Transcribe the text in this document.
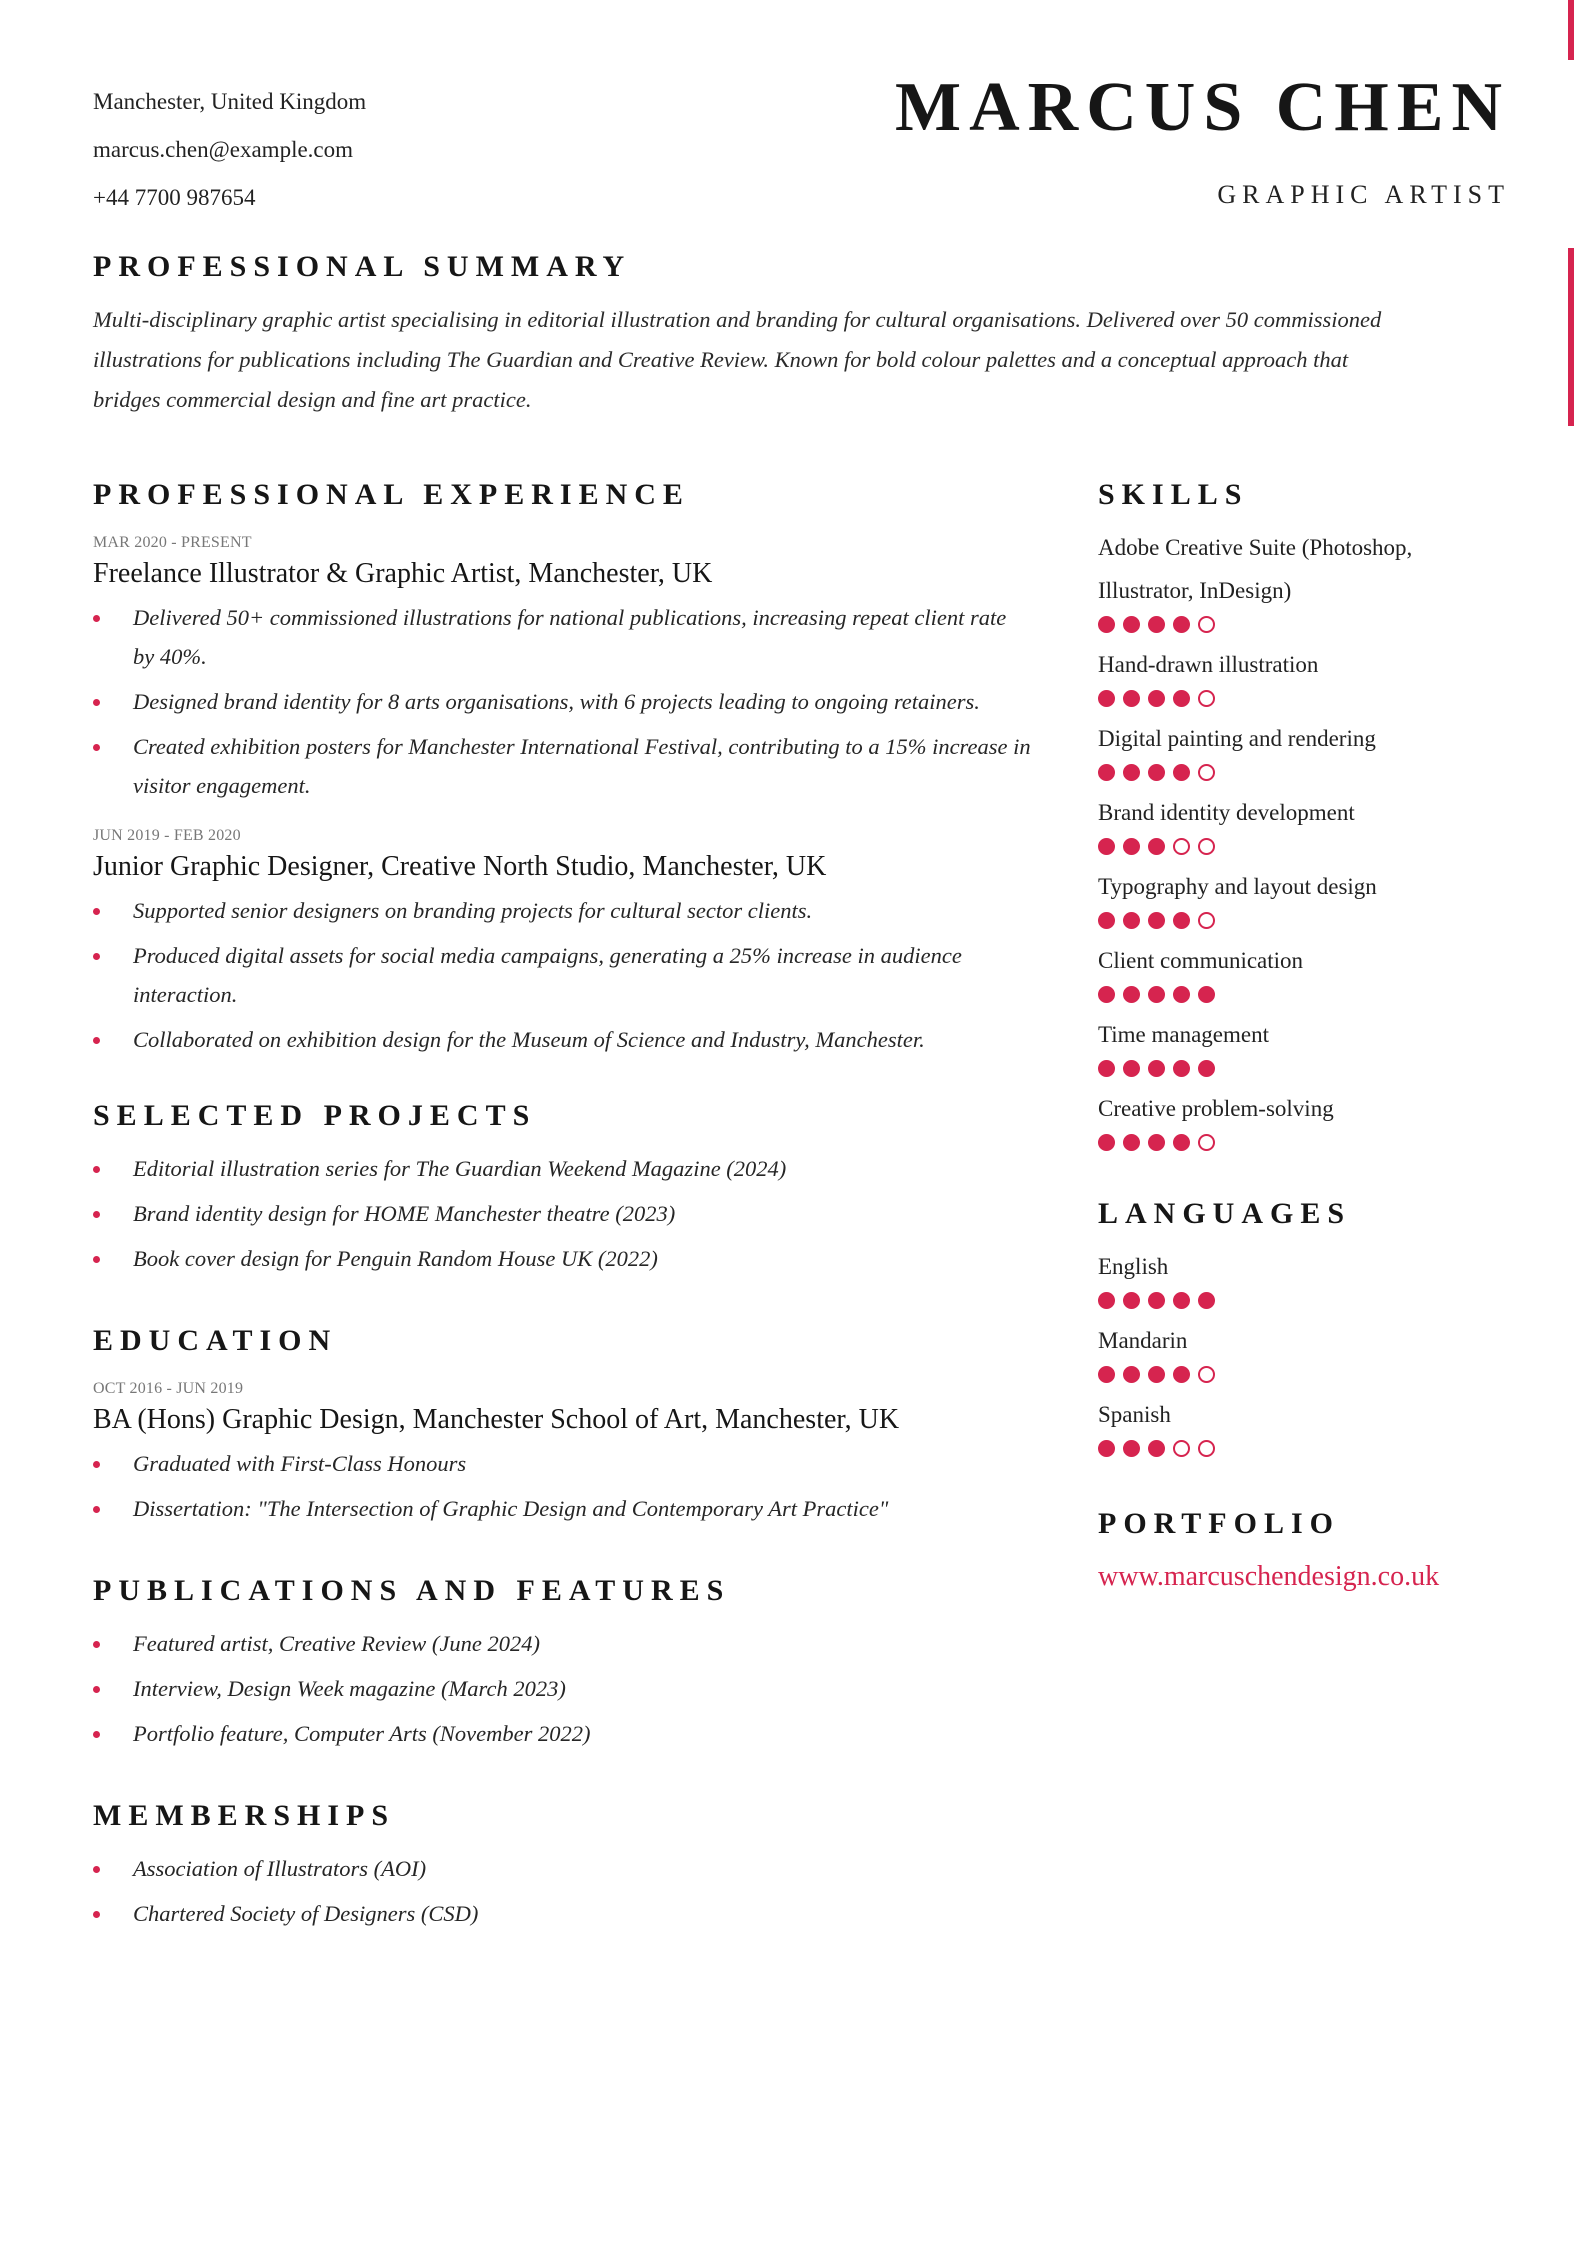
Manchester, United Kingdom
marcus.chen@example.com
+44 7700 987654
MARCUS CHEN
GRAPHIC ARTIST
PROFESSIONAL SUMMARY

Multi-disciplinary graphic artist specialising in editorial illustration and branding for cultural organisations. Delivered over 50 commissioned illustrations for publications including The Guardian and Creative Review. Known for bold colour palettes and a conceptual approach that bridges commercial design and fine art practice.

PROFESSIONAL EXPERIENCE
MAR 2020 - PRESENT
Freelance Illustrator & Graphic Artist, Manchester, UK
Delivered 50+ commissioned illustrations for national publications, increasing repeat client rate by 40%.
Designed brand identity for 8 arts organisations, with 6 projects leading to ongoing retainers.
Created exhibition posters for Manchester International Festival, contributing to a 15% increase in visitor engagement.
JUN 2019 - FEB 2020
Junior Graphic Designer, Creative North Studio, Manchester, UK
Supported senior designers on branding projects for cultural sector clients.
Produced digital assets for social media campaigns, generating a 25% increase in audience interaction.
Collaborated on exhibition design for the Museum of Science and Industry, Manchester.
SELECTED PROJECTS
Editorial illustration series for The Guardian Weekend Magazine (2024)
Brand identity design for HOME Manchester theatre (2023)
Book cover design for Penguin Random House UK (2022)
EDUCATION
OCT 2016 - JUN 2019
BA (Hons) Graphic Design, Manchester School of Art, Manchester, UK
Graduated with First-Class Honours
Dissertation: "The Intersection of Graphic Design and Contemporary Art Practice"
PUBLICATIONS AND FEATURES
Featured artist, Creative Review (June 2024)
Interview, Design Week magazine (March 2023)
Portfolio feature, Computer Arts (November 2022)
MEMBERSHIPS
Association of Illustrators (AOI)
Chartered Society of Designers (CSD)
SKILLS
Adobe Creative Suite (Photoshop, Illustrator, InDesign)
Hand-drawn illustration
Digital painting and rendering
Brand identity development
Typography and layout design
Client communication
Time management
Creative problem-solving
LANGUAGES
English
Mandarin
Spanish
PORTFOLIO
www.marcuschendesign.co.uk
